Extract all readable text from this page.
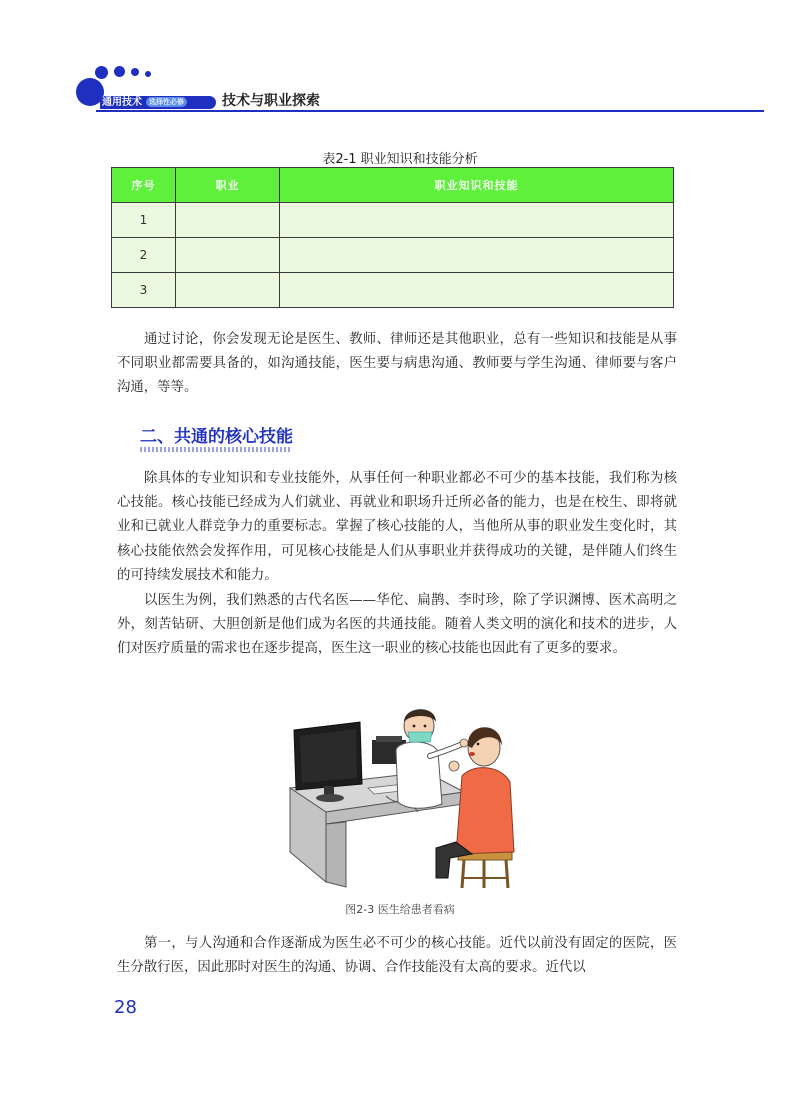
通用技术 选择性必修	技术与职业探索
表2-1 职业知识和技能分析
序号	职业	职业知识和技能
1		
2		
3		

通过讨论，你会发现无论是医生、教师、律师还是其他职业，总有一些知识和技能是从事不同职业都需要具备的，如沟通技能，医生要与病患沟通、教师要与学生沟通、律师要与客户沟通，等等。

二、共通的核心技能

除具体的专业知识和专业技能外，从事任何一种职业都必不可少的基本技能，我们称为核心技能。核心技能已经成为人们就业、再就业和职场升迁所必备的能力，也是在校生、即将就业和已就业人群竞争力的重要标志。掌握了核心技能的人，当他所从事的职业发生变化时，其核心技能依然会发挥作用，可见核心技能是人们从事职业并获得成功的关键，是伴随人们终生的可持续发展技术和能力。

以医生为例，我们熟悉的古代名医——华佗、扁鹊、李时珍，除了学识渊博、医术高明之外，刻苦钻研、大胆创新是他们成为名医的共通技能。随着人类文明的演化和技术的进步，人们对医疗质量的需求也在逐步提高，医生这一职业的核心技能也因此有了更多的要求。

图2-3 医生给患者看病

第一，与人沟通和合作逐渐成为医生必不可少的核心技能。近代以前没有固定的医院，医生分散行医，因此那时对医生的沟通、协调、合作技能没有太高的要求。近代以

28
